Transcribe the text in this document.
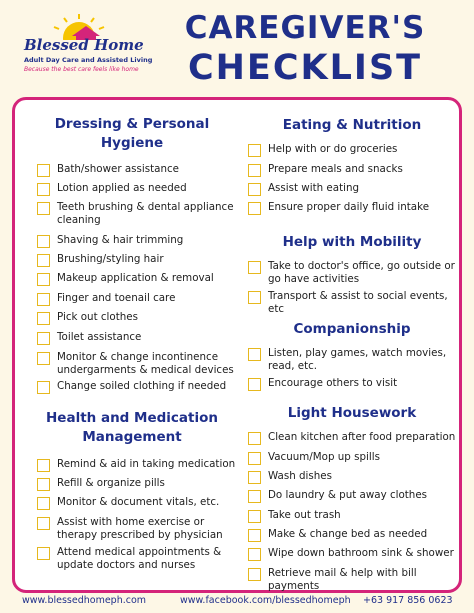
Blessed Home
Adult Day Care and Assisted Living
Because the best care feels like home
CAREGIVER'S
CHECKLIST
Dressing & Personal Hygiene
Bath/shower assistance
Lotion applied as needed
Teeth brushing & dental appliance cleaning
Shaving & hair trimming
Brushing/styling hair
Makeup application & removal
Finger and toenail care
Pick out clothes
Toilet assistance
Monitor & change incontinence undergarments & medical devices
Change soiled clothing if needed
Health and Medication Management
Remind & aid in taking medication
Refill & organize pills
Monitor & document vitals, etc.
Assist with home exercise or therapy prescribed by physician
Attend medical appointments & update doctors and nurses
Eating & Nutrition
Help with or do groceries
Prepare meals and snacks
Assist with eating
Ensure proper daily fluid intake
Help with Mobility
Take to doctor's office, go outside or go have activities
Transport & assist to social events, etc
Companionship
Listen, play games, watch movies, read, etc.
Encourage others to visit
Light Housework
Clean kitchen after food preparation
Vacuum/Mop up spills
Wash dishes
Do laundry & put away clothes
Take out trash
Make & change bed as needed
Wipe down bathroom sink & shower
Retrieve mail & help with bill payments
www.blessedhomeph.com	www.facebook.com/blessedhomeph +63 917 856 0623
